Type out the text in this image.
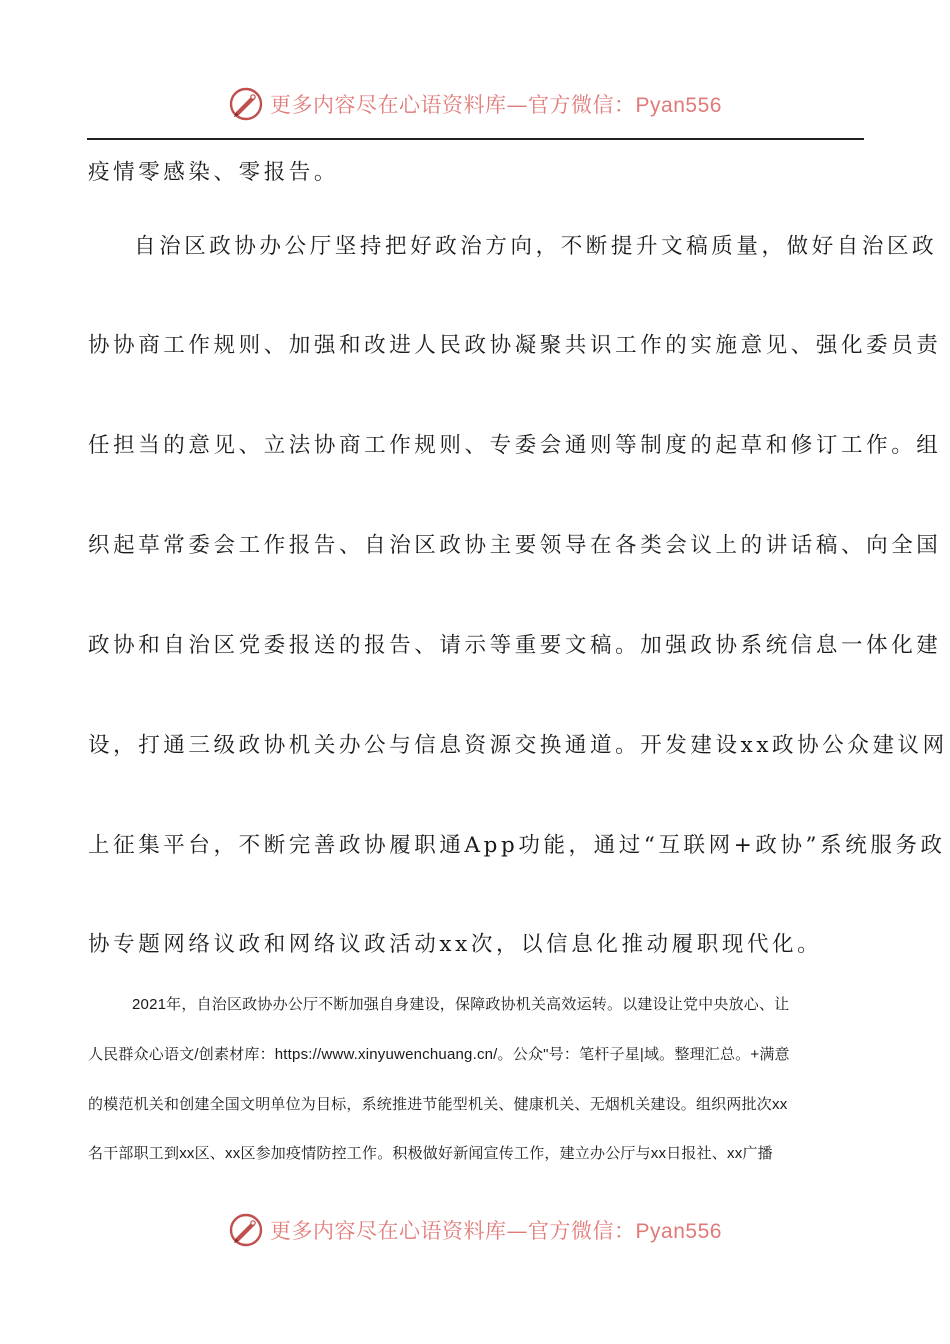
更多内容尽在心语资料库—官方微信：Pyan556
疫情零感染、零报告。
自治区政协办公厅坚持把好政治方向，不断提升文稿质量，做好自治区政
协协商工作规则、加强和改进人民政协凝聚共识工作的实施意见、强化委员责
任担当的意见、立法协商工作规则、专委会通则等制度的起草和修订工作。组
织起草常委会工作报告、自治区政协主要领导在各类会议上的讲话稿、向全国
政协和自治区党委报送的报告、请示等重要文稿。加强政协系统信息一体化建
设，打通三级政协机关办公与信息资源交换通道。开发建设xx政协公众建议网
上征集平台，不断完善政协履职通App功能，通过“互联网+政协”系统服务政
协专题网络议政和网络议政活动xx次，以信息化推动履职现代化。
2021年，自治区政协办公厅不断加强自身建设，保障政协机关高效运转。以建设让党中央放心、让
人民群众心语文/创素材库：https://www.xinyuwenchuang.cn/。公众"号：笔杆子星|域。整理汇总。+满意
的模范机关和创建全国文明单位为目标，系统推进节能型机关、健康机关、无烟机关建设。组织两批次xx
名干部职工到xx区、xx区参加疫情防控工作。积极做好新闻宣传工作，建立办公厅与xx日报社、xx广播
更多内容尽在心语资料库—官方微信：Pyan556
